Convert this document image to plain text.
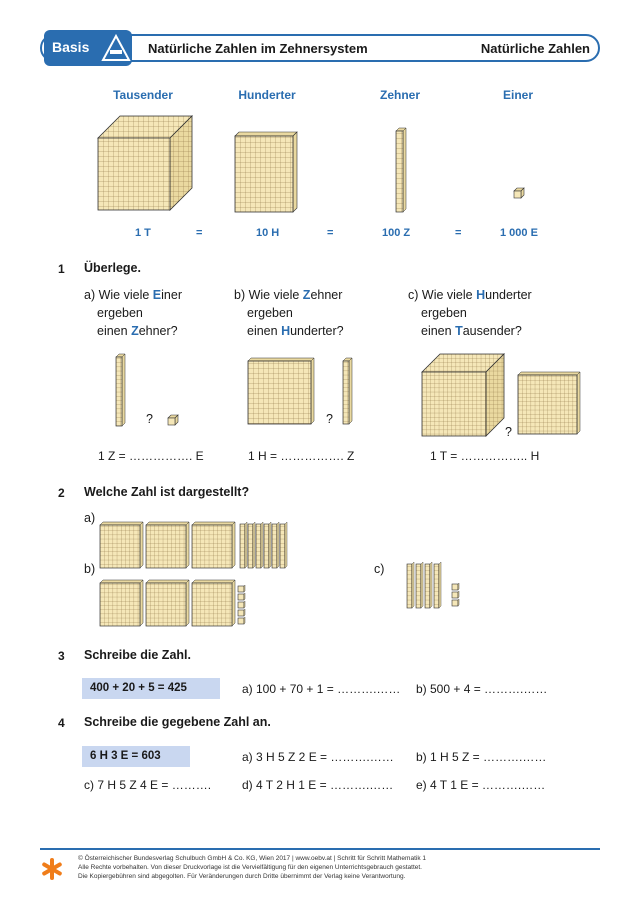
Basis	Natürliche Zahlen im Zehnersystem	Natürliche Zahlen
Tausender	Hunderter	Zehner	Einer
1 T	=	10 H	=	100 Z	=	1 000 E
1 Überlege.
a) Wie viele Einer
ergeben
einen Zehner?
b) Wie viele Zehner
ergeben
einen Hunderter?
c) Wie viele Hunderter
ergeben
einen Tausender?
?
1 Z = ……………. E
?
1 H = ……………. Z
?
1 T = …………….. H
2 Welche Zahl ist dargestellt?
a)
b)	c)
3 Schreibe die Zahl.
400 + 20 + 5 = 425	a) 100 + 70 + 1 = ……….…… b) 500 + 4 = ……….……
4 Schreibe die gegebene Zahl an.
6 H 3 E = 603	a) 3 H 5 Z 2 E = ……….…… b) 1 H 5 Z = ……….……
c) 7 H 5 Z 4 E = ……….	d) 4 T 2 H 1 E = ……….…… e) 4 T 1 E = ……….……
© Österreichischer Bundesverlag Schulbuch GmbH & Co. KG, Wien 2017 | www.oebv.at | Schritt für Schritt Mathematik 1
Alle Rechte vorbehalten. Von dieser Druckvorlage ist die Vervielfältigung für den eigenen Unterrichtsgebrauch gestattet.
Die Kopiergebühren sind abgegolten. Für Veränderungen durch Dritte übernimmt der Verlag keine Verantwortung.
